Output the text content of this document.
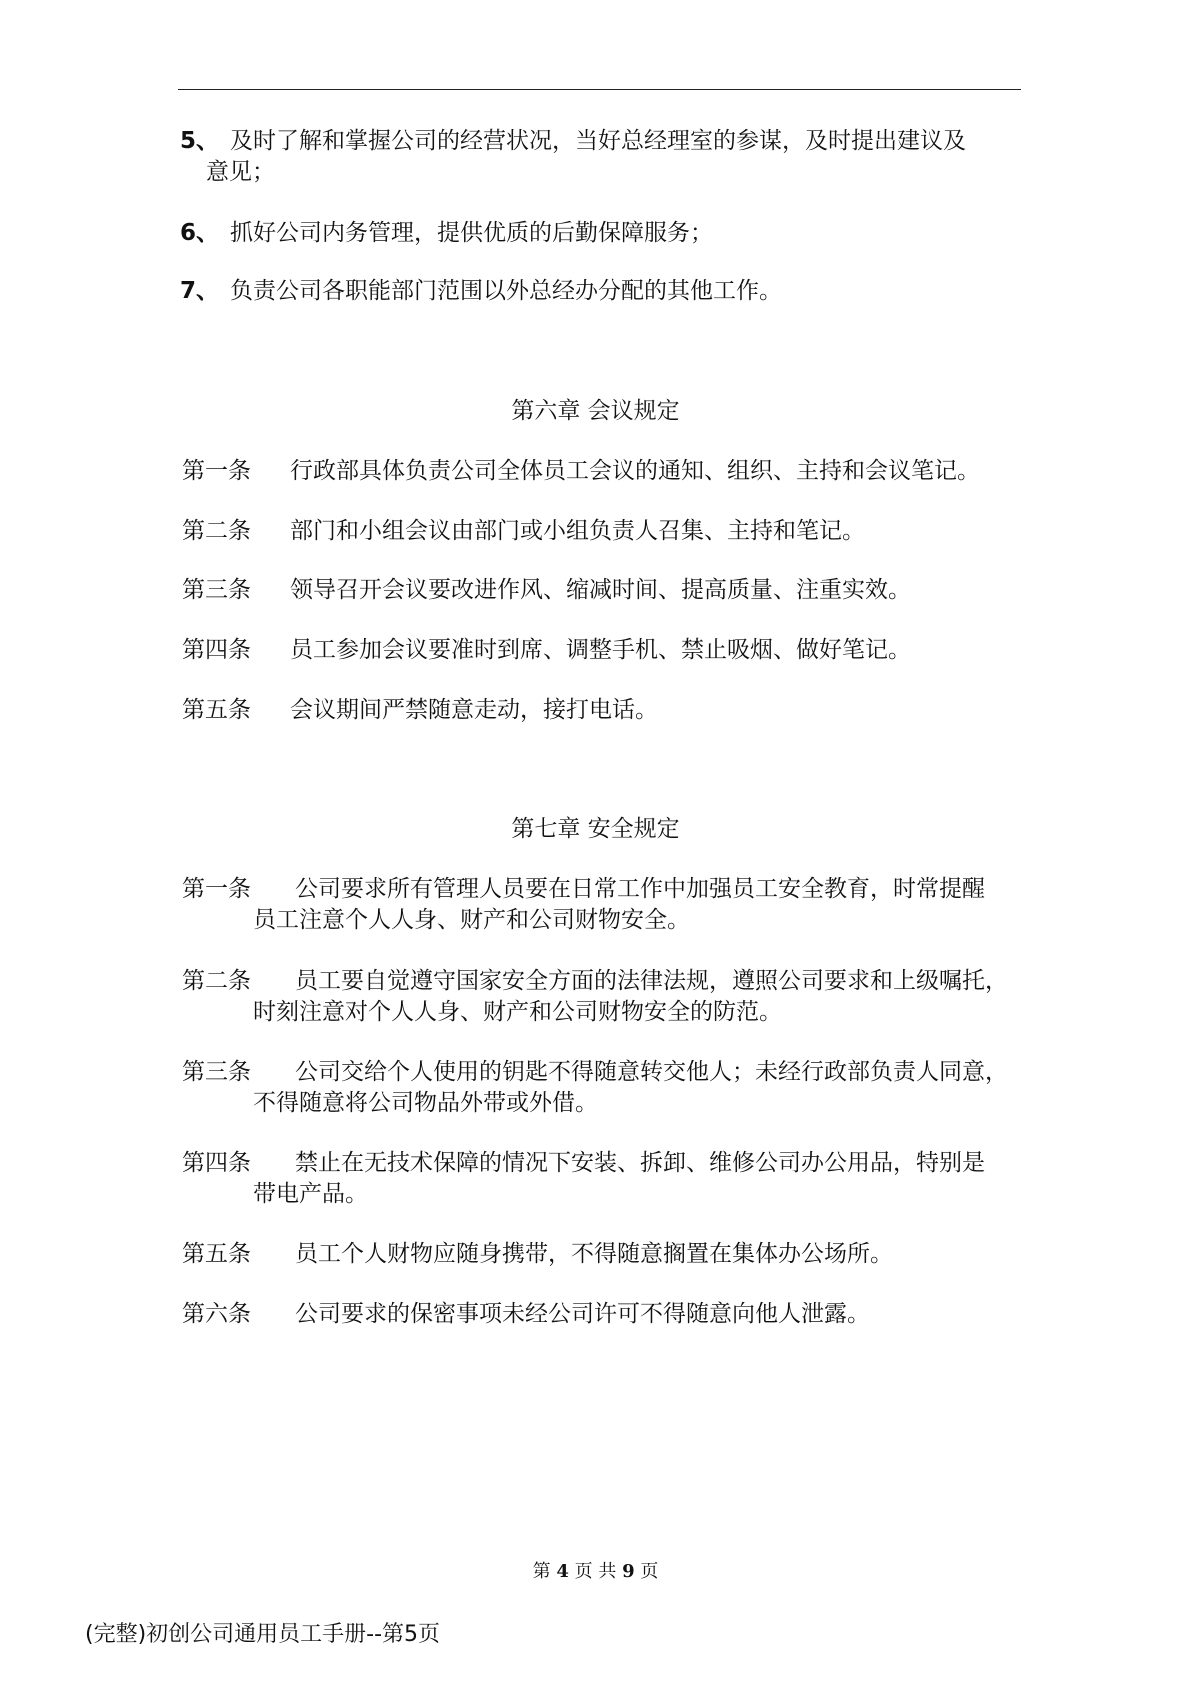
5、 及时了解和掌握公司的经营状况，当好总经理室的参谋，及时提出建议及
意见；
6、 抓好公司内务管理，提供优质的后勤保障服务；
7、 负责公司各职能部门范围以外总经办分配的其他工作。
第六章 会议规定
第一条 行政部具体负责公司全体员工会议的通知、组织、主持和会议笔记。
第二条 部门和小组会议由部门或小组负责人召集、主持和笔记。
第三条 领导召开会议要改进作风、缩减时间、提高质量、注重实效。
第四条 员工参加会议要准时到席、调整手机、禁止吸烟、做好笔记。
第五条 会议期间严禁随意走动，接打电话。
第七章 安全规定
第一条 公司要求所有管理人员要在日常工作中加强员工安全教育，时常提醒
员工注意个人人身、财产和公司财物安全。
第二条 员工要自觉遵守国家安全方面的法律法规，遵照公司要求和上级嘱托，
时刻注意对个人人身、财产和公司财物安全的防范。
第三条 公司交给个人使用的钥匙不得随意转交他人；未经行政部负责人同意，
不得随意将公司物品外带或外借。
第四条 禁止在无技术保障的情况下安装、拆卸、维修公司办公用品，特别是
带电产品。
第五条 员工个人财物应随身携带，不得随意搁置在集体办公场所。
第六条 公司要求的保密事项未经公司许可不得随意向他人泄露。
第 4 页 共 9 页
(完整)初创公司通用员工手册--第5页
